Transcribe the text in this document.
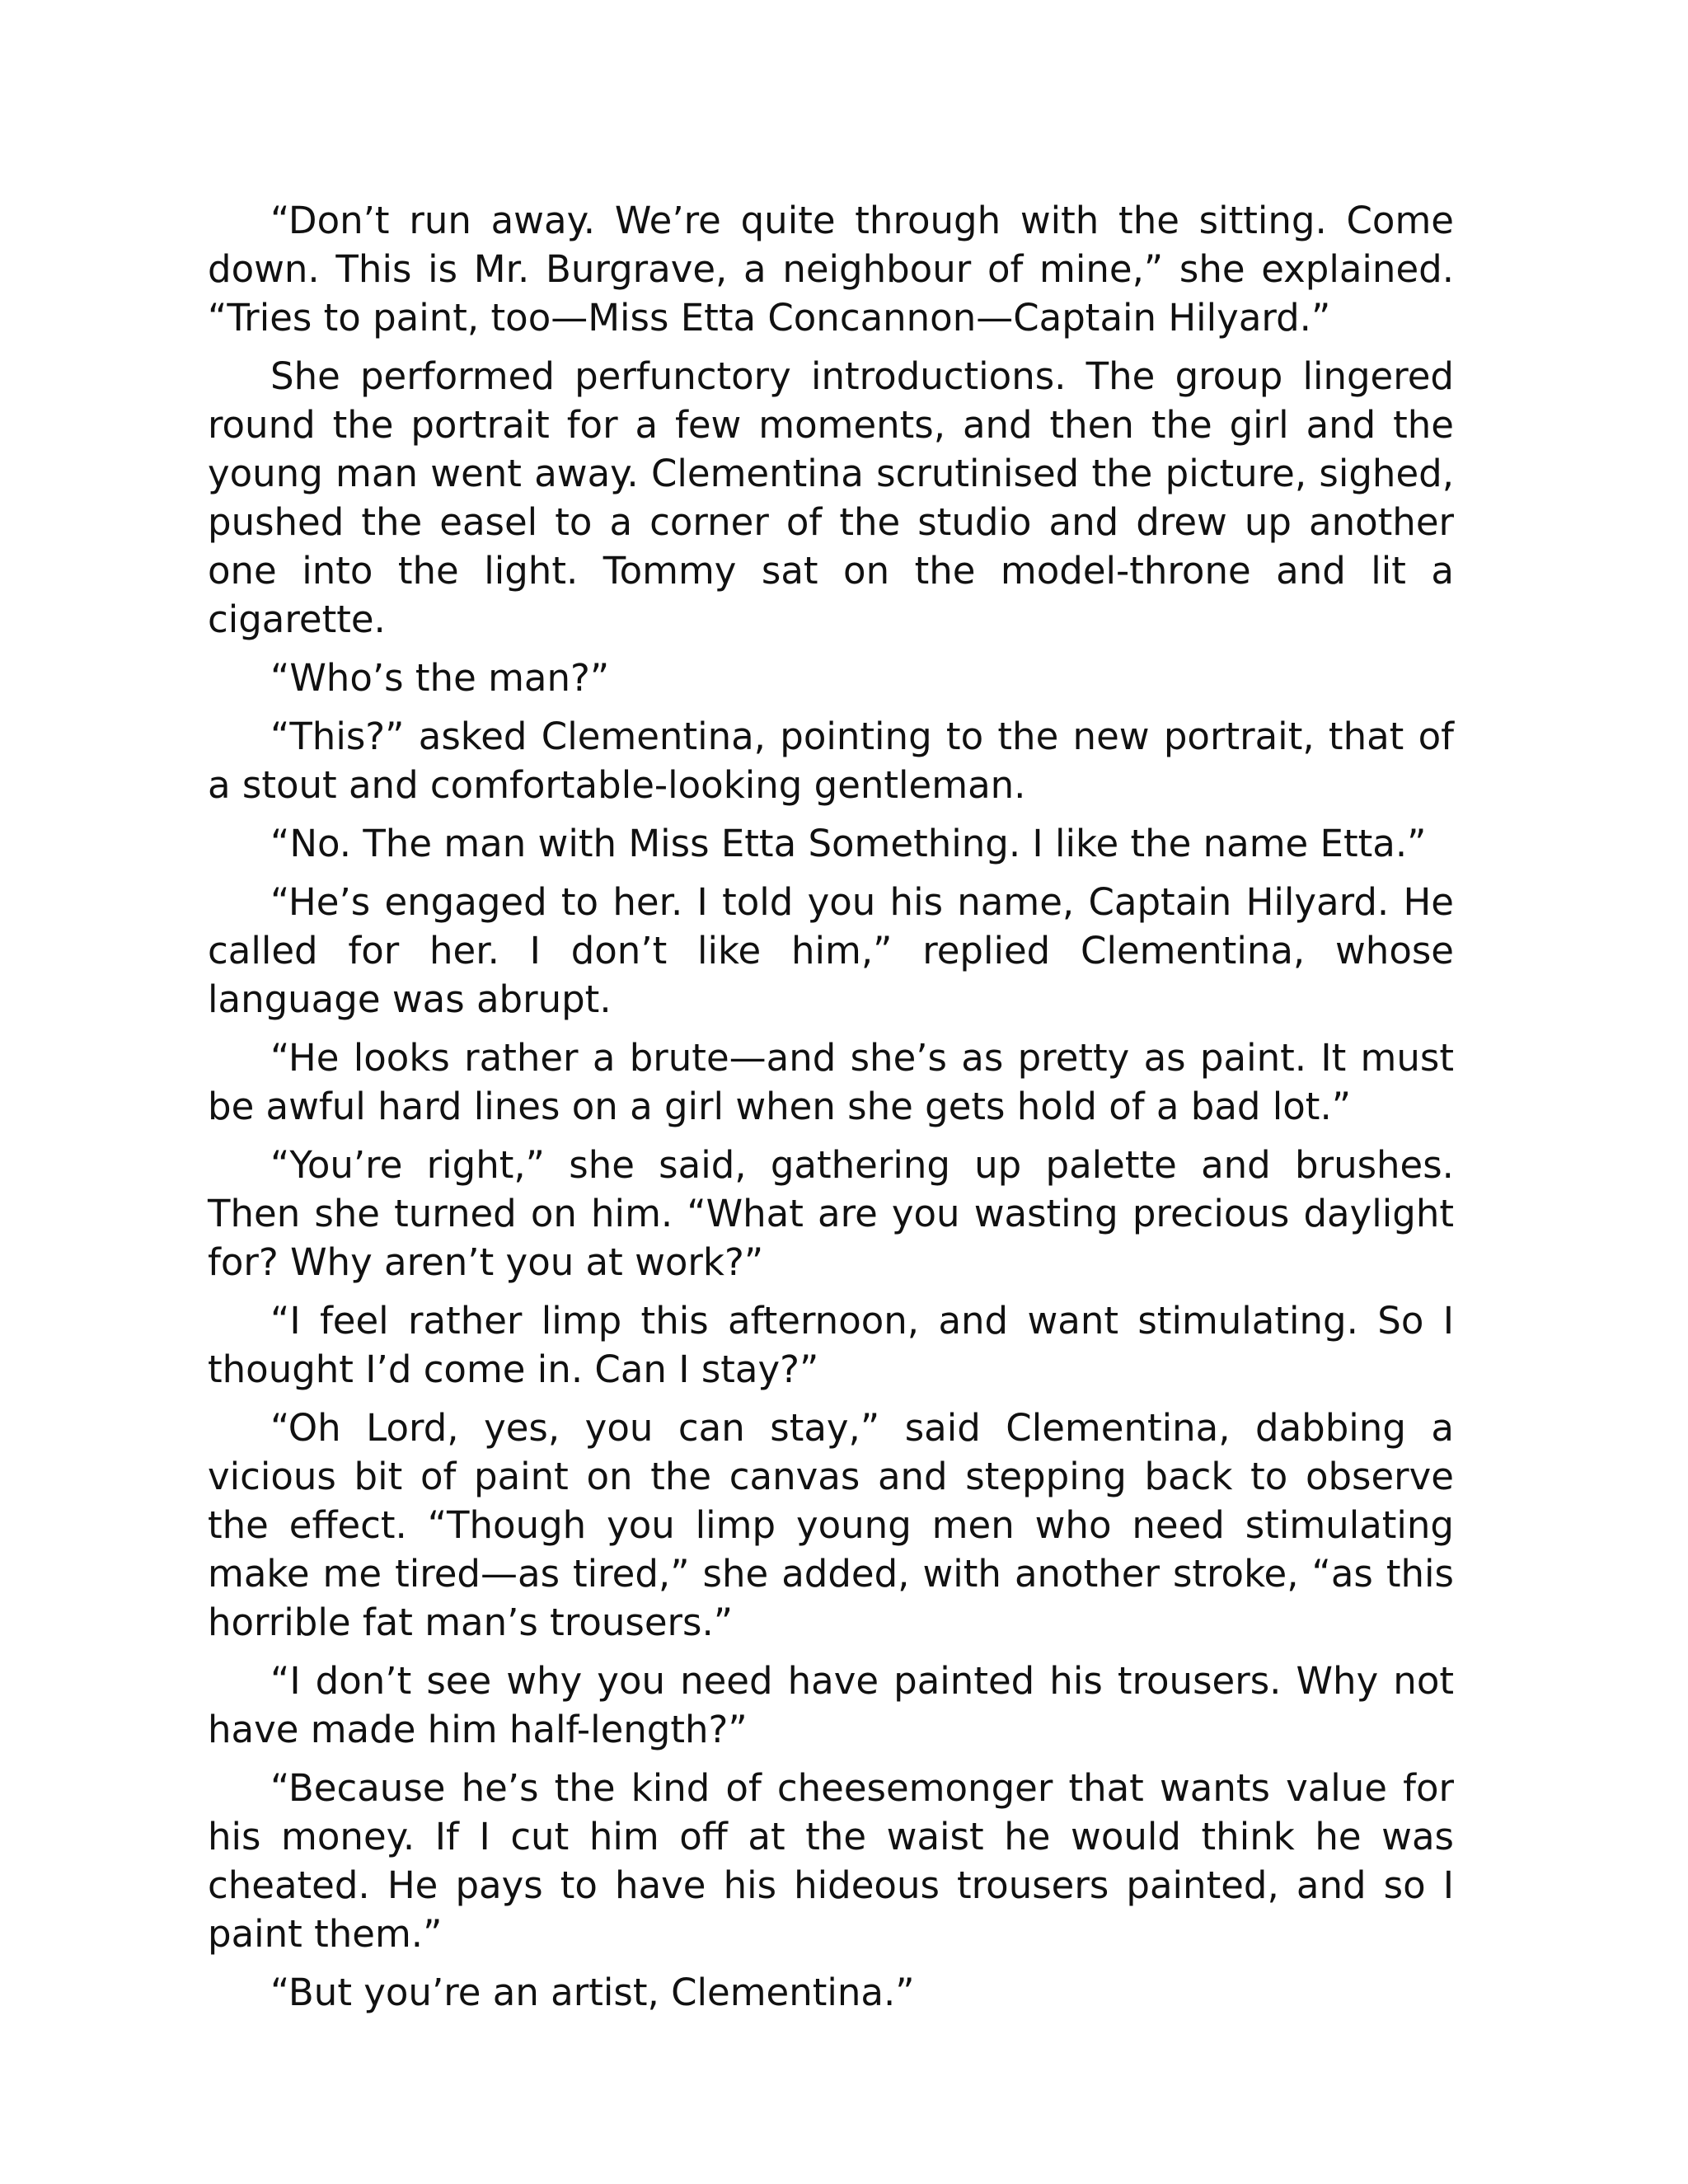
“Don’t run away. We’re quite through with the sitting. Come down. This is Mr. Burgrave, a neighbour of mine,” she explained. “Tries to paint, too—Miss Etta Concannon—Captain Hilyard.”

She performed perfunctory introductions. The group lingered round the portrait for a few moments, and then the girl and the young man went away. Clementina scrutinised the picture, sighed, pushed the easel to a corner of the studio and drew up another one into the light. Tommy sat on the model-throne and lit a cigarette.

“Who’s the man?”

“This?” asked Clementina, pointing to the new portrait, that of a stout and comfortable-looking gentleman.

“No. The man with Miss Etta Something. I like the name Etta.”

“He’s engaged to her. I told you his name, Captain Hilyard. He called for her. I don’t like him,” replied Clementina, whose language was abrupt.

“He looks rather a brute—and she’s as pretty as paint. It must be awful hard lines on a girl when she gets hold of a bad lot.”

“You’re right,” she said, gathering up palette and brushes. Then she turned on him. “What are you wasting precious daylight for? Why aren’t you at work?”

“I feel rather limp this afternoon, and want stimulating. So I thought I’d come in. Can I stay?”

“Oh Lord, yes, you can stay,” said Clementina, dabbing a vicious bit of paint on the canvas and stepping back to observe the effect. “Though you limp young men who need stimulating make me tired—as tired,” she added, with another stroke, “as this horrible fat man’s trousers.”

“I don’t see why you need have painted his trousers. Why not have made him half-length?”

“Because he’s the kind of cheesemonger that wants value for his money. If I cut him off at the waist he would think he was cheated. He pays to have his hideous trousers painted, and so I paint them.”

“But you’re an artist, Clementina.”
